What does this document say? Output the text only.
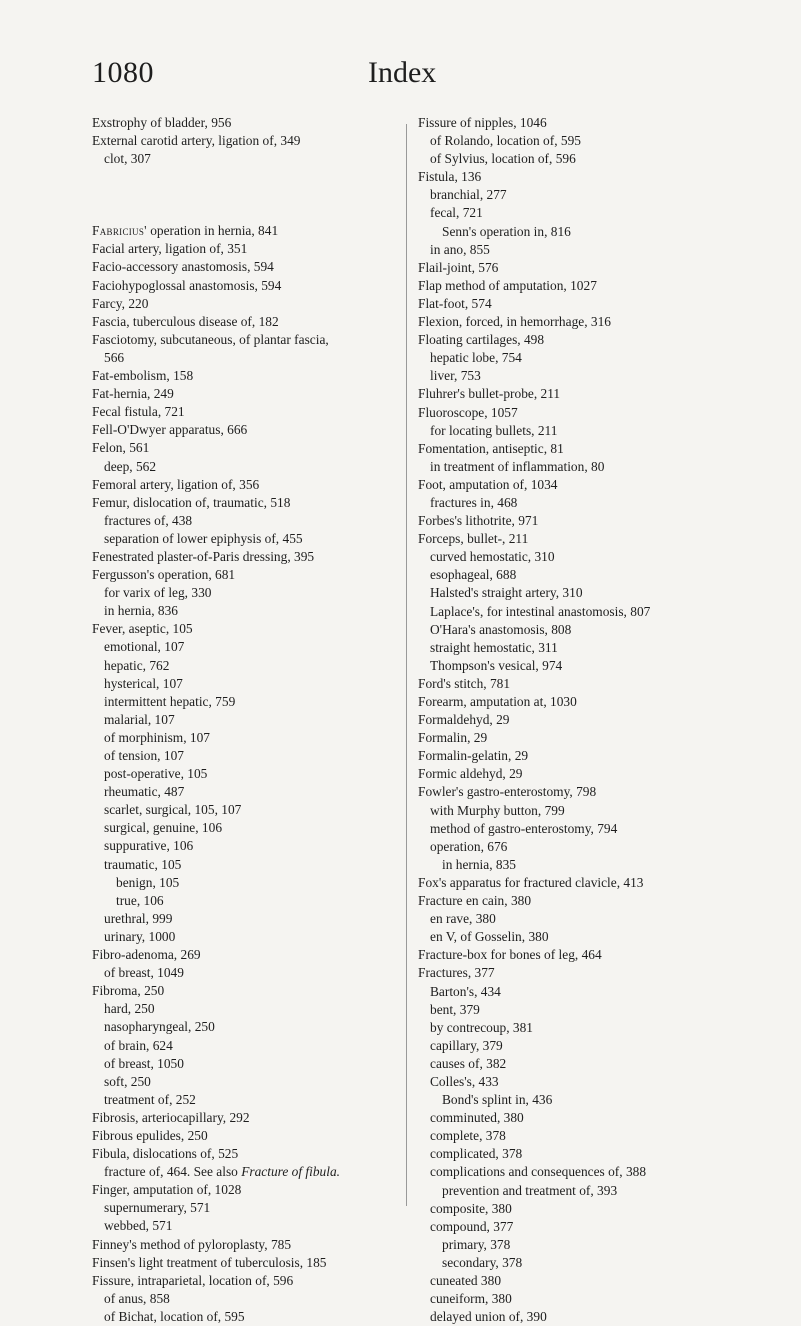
1080	Index
Exstrophy of bladder, 956
External carotid artery, ligation of, 349
clot, 307
Fabricius' operation in hernia, 841
Facial artery, ligation of, 351
Facio-accessory anastomosis, 594
Faciohypoglossal anastomosis, 594
Farcy, 220
Fascia, tuberculous disease of, 182
Fasciotomy, subcutaneous, of plantar fascia,
566
Fat-embolism, 158
Fat-hernia, 249
Fecal fistula, 721
Fell-O'Dwyer apparatus, 666
Felon, 561
deep, 562
Femoral artery, ligation of, 356
Femur, dislocation of, traumatic, 518
fractures of, 438
separation of lower epiphysis of, 455
Fenestrated plaster-of-Paris dressing, 395
Fergusson's operation, 681
for varix of leg, 330
in hernia, 836
Fever, aseptic, 105
emotional, 107
hepatic, 762
hysterical, 107
intermittent hepatic, 759
malarial, 107
of morphinism, 107
of tension, 107
post-operative, 105
rheumatic, 487
scarlet, surgical, 105, 107
surgical, genuine, 106
suppurative, 106
traumatic, 105
benign, 105
true, 106
urethral, 999
urinary, 1000
Fibro-adenoma, 269
of breast, 1049
Fibroma, 250
hard, 250
nasopharyngeal, 250
of brain, 624
of breast, 1050
soft, 250
treatment of, 252
Fibrosis, arteriocapillary, 292
Fibrous epulides, 250
Fibula, dislocations of, 525
fracture of, 464. See also Fracture of fibula.
Finger, amputation of, 1028
supernumerary, 571
webbed, 571
Finney's method of pyloroplasty, 785
Finsen's light treatment of tuberculosis, 185
Fissure, intraparietal, location of, 596
of anus, 858
of Bichat, location of, 595
Fissure of nipples, 1046
of Rolando, location of, 595
of Sylvius, location of, 596
Fistula, 136
branchial, 277
fecal, 721
Senn's operation in, 816
in ano, 855
Flail-joint, 576
Flap method of amputation, 1027
Flat-foot, 574
Flexion, forced, in hemorrhage, 316
Floating cartilages, 498
hepatic lobe, 754
liver, 753
Fluhrer's bullet-probe, 211
Fluoroscope, 1057
for locating bullets, 211
Fomentation, antiseptic, 81
in treatment of inflammation, 80
Foot, amputation of, 1034
fractures in, 468
Forbes's lithotrite, 971
Forceps, bullet-, 211
curved hemostatic, 310
esophageal, 688
Halsted's straight artery, 310
Laplace's, for intestinal anastomosis, 807
O'Hara's anastomosis, 808
straight hemostatic, 311
Thompson's vesical, 974
Ford's stitch, 781
Forearm, amputation at, 1030
Formaldehyd, 29
Formalin, 29
Formalin-gelatin, 29
Formic aldehyd, 29
Fowler's gastro-enterostomy, 798
with Murphy button, 799
method of gastro-enterostomy, 794
operation, 676
in hernia, 835
Fox's apparatus for fractured clavicle, 413
Fracture en cain, 380
en rave, 380
en V, of Gosselin, 380
Fracture-box for bones of leg, 464
Fractures, 377
Barton's, 434
bent, 379
by contrecoup, 381
capillary, 379
causes of, 382
Colles's, 433
Bond's splint in, 436
comminuted, 380
complete, 378
complicated, 378
complications and consequences of, 388
prevention and treatment of, 393
composite, 380
compound, 377
primary, 378
secondary, 378
cuneated 380
cuneiform, 380
delayed union of, 390
